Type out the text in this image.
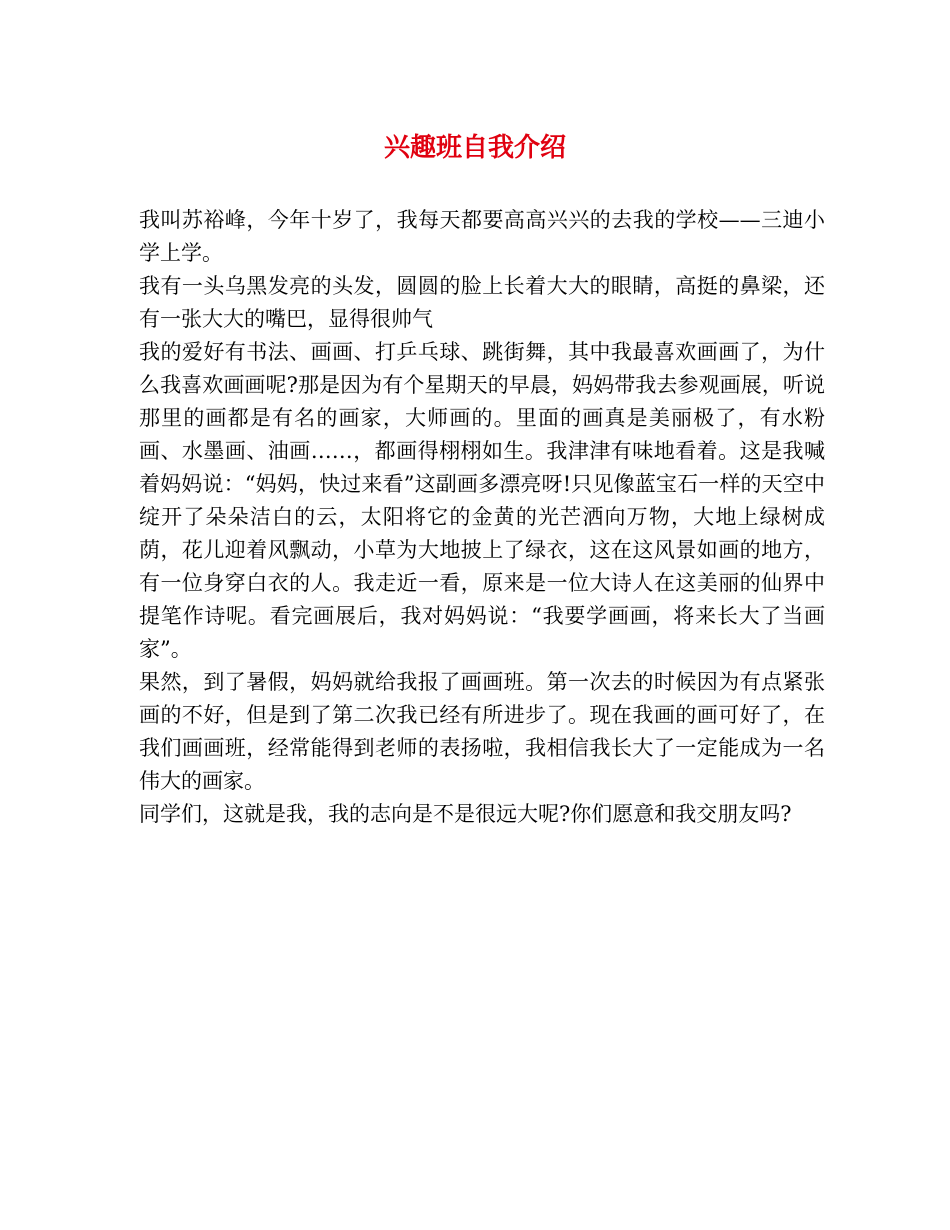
兴趣班自我介绍

我叫苏裕峰，今年十岁了，我每天都要高高兴兴的去我的学校——三迪小学上学。

我有一头乌黑发亮的头发，圆圆的脸上长着大大的眼睛，高挺的鼻梁，还有一张大大的嘴巴，显得很帅气

我的爱好有书法、画画、打乒乓球、跳街舞，其中我最喜欢画画了，为什么我喜欢画画呢?那是因为有个星期天的早晨，妈妈带我去参观画展，听说那里的画都是有名的画家，大师画的。里面的画真是美丽极了，有水粉画、水墨画、油画……，都画得栩栩如生。我津津有味地看着。这是我喊着妈妈说：“妈妈，快过来看”这副画多漂亮呀!只见像蓝宝石一样的天空中绽开了朵朵洁白的云，太阳将它的金黄的光芒洒向万物，大地上绿树成荫，花儿迎着风飘动，小草为大地披上了绿衣，这在这风景如画的地方，有一位身穿白衣的人。我走近一看，原来是一位大诗人在这美丽的仙界中提笔作诗呢。看完画展后，我对妈妈说：“我要学画画，将来长大了当画家”。

果然，到了暑假，妈妈就给我报了画画班。第一次去的时候因为有点紧张画的不好，但是到了第二次我已经有所进步了。现在我画的画可好了，在我们画画班，经常能得到老师的表扬啦，我相信我长大了一定能成为一名伟大的画家。

同学们，这就是我，我的志向是不是很远大呢?你们愿意和我交朋友吗?
